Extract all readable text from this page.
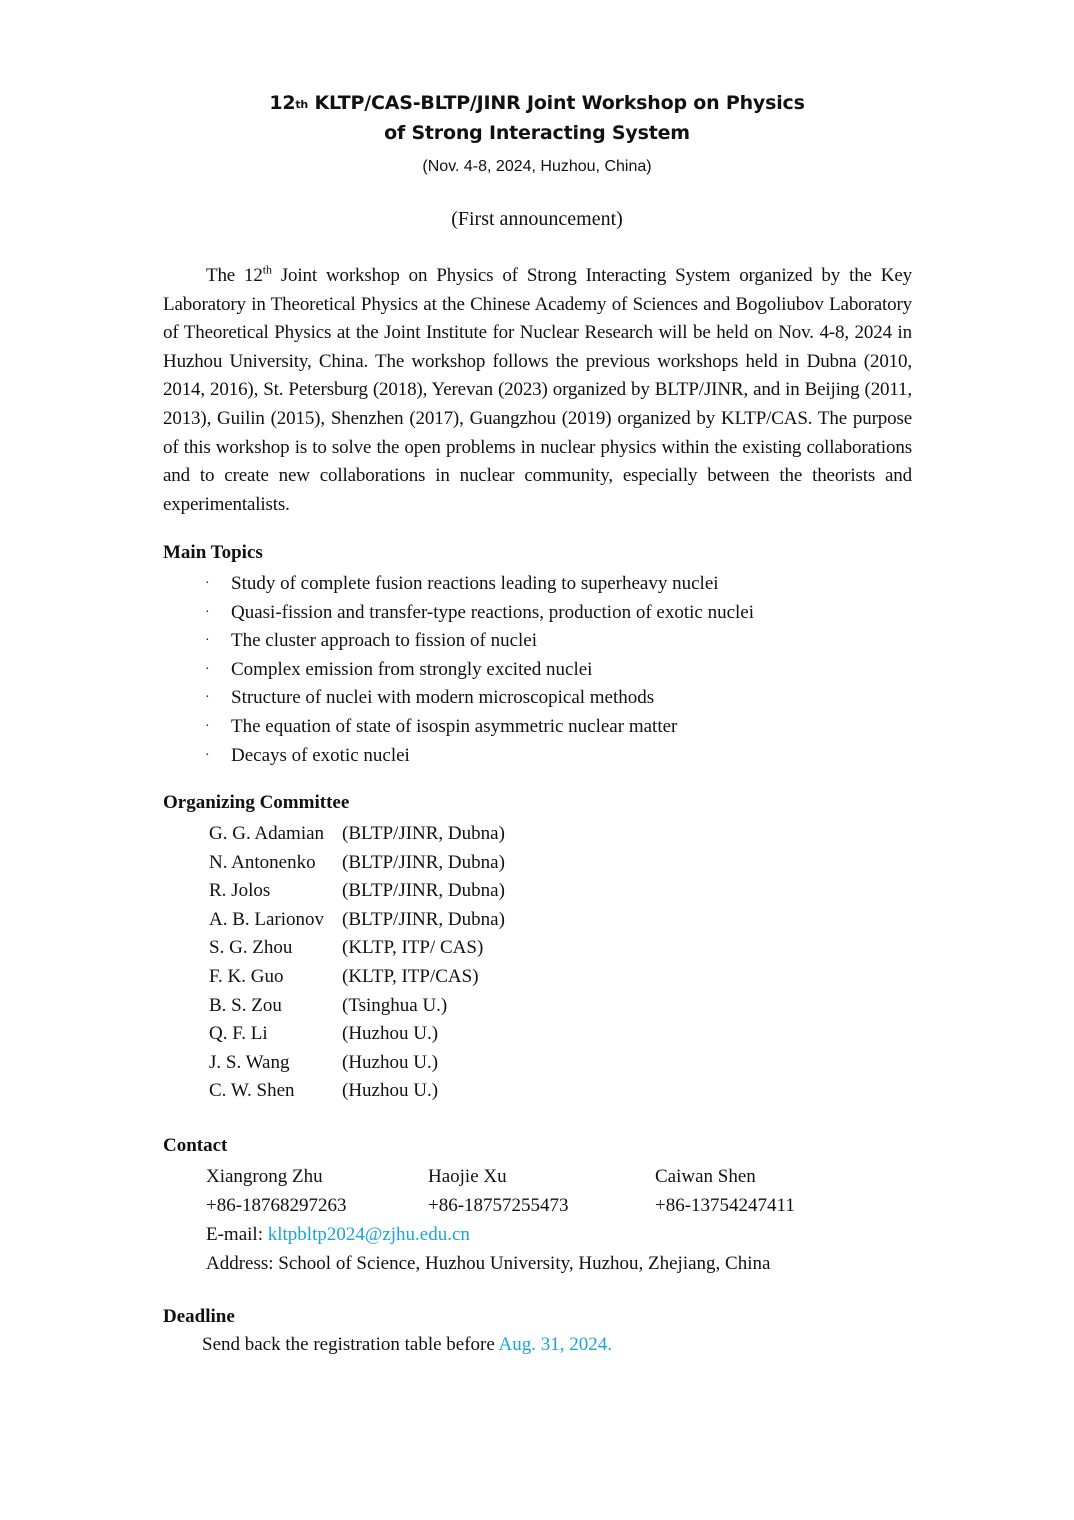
12th KLTP/CAS-BLTP/JINR Joint Workshop on Physics
of Strong Interacting System
(Nov. 4-8, 2024, Huzhou, China)
(First announcement)

The 12th Joint workshop on Physics of Strong Interacting System organized by the Key Laboratory in Theoretical Physics at the Chinese Academy of Sciences and Bogoliubov Laboratory of Theoretical Physics at the Joint Institute for Nuclear Research will be held on Nov. 4-8, 2024 in Huzhou University, China. The workshop follows the previous workshops held in Dubna (2010, 2014, 2016), St. Petersburg (2018), Yerevan (2023) organized by BLTP/JINR, and in Beijing (2011, 2013), Guilin (2015), Shenzhen (2017), Guangzhou (2019) organized by KLTP/CAS. The purpose of this workshop is to solve the open problems in nuclear physics within the existing collaborations and to create new collaborations in nuclear community, especially between the theorists and experimentalists.

Main Topics
· Study of complete fusion reactions leading to superheavy nuclei
· Quasi-fission and transfer-type reactions, production of exotic nuclei
· The cluster approach to fission of nuclei
· Complex emission from strongly excited nuclei
· Structure of nuclei with modern microscopical methods
· The equation of state of isospin asymmetric nuclear matter
· Decays of exotic nuclei
Organizing Committee
G. G. Adamian (BLTP/JINR, Dubna)
N. Antonenko (BLTP/JINR, Dubna)
R. Jolos	(BLTP/JINR, Dubna)
A. B. Larionov (BLTP/JINR, Dubna)
S. G. Zhou	(KLTP, ITP/ CAS)
F. K. Guo	(KLTP, ITP/CAS)
B. S. Zou	(Tsinghua U.)
Q. F. Li	(Huzhou U.)
J. S. Wang	(Huzhou U.)
C. W. Shen (Huzhou U.)
Contact
Xiangrong Zhu	Haojie Xu	Caiwan Shen
+86-18768297263	+86-18757255473	+86-13754247411
E-mail: kltpbltp2024@zjhu.edu.cn
Address: School of Science, Huzhou University, Huzhou, Zhejiang, China
Deadline
Send back the registration table before Aug. 31, 2024.
